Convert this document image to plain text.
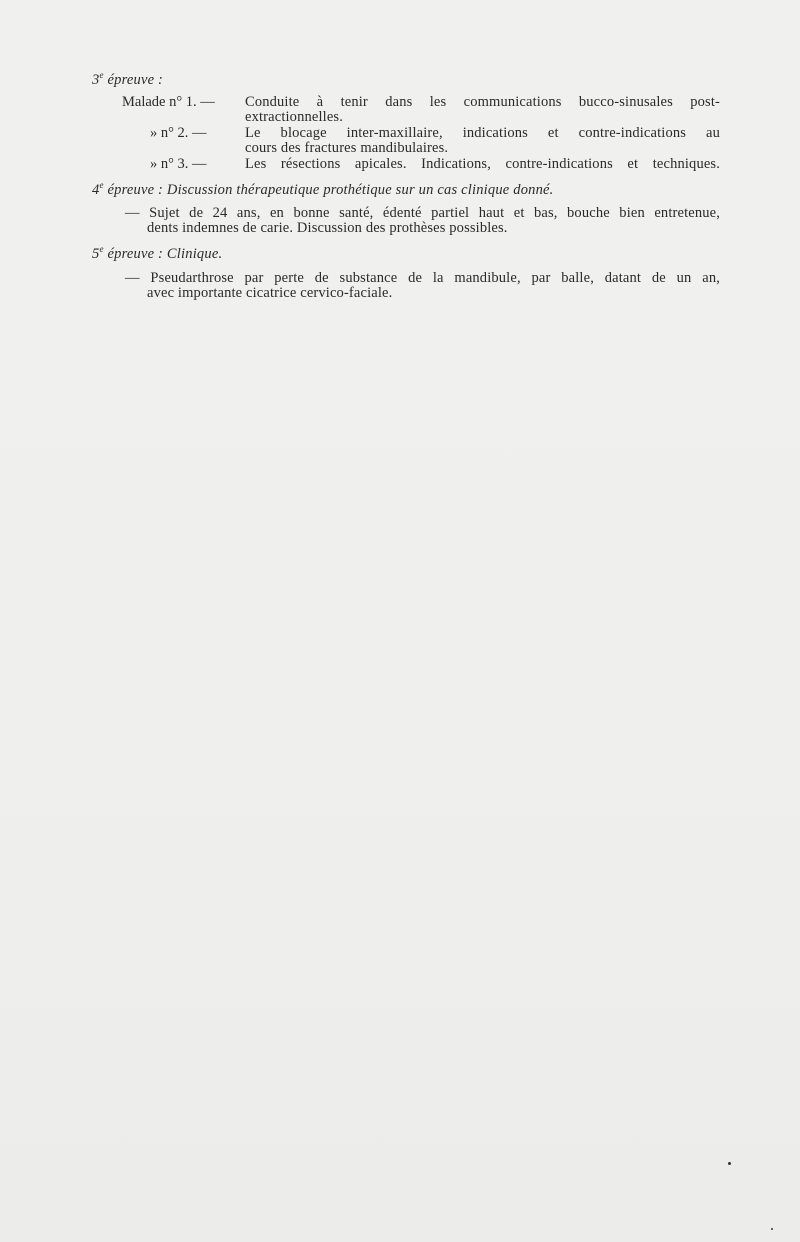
3e épreuve :
Malade n° 1. — Conduite à tenir dans les communications bucco-sinusales post-
extractionnelles.
» n° 2. —	Le blocage inter-maxillaire, indications et contre-indications au
cours des fractures mandibulaires.
» n° 3. —	Les résections apicales. Indications, contre-indications et techniques.
4e épreuve : Discussion thérapeutique prothétique sur un cas clinique donné.
— Sujet de 24 ans, en bonne santé, édenté partiel haut et bas, bouche bien entretenue,
dents indemnes de carie. Discussion des prothèses possibles.
5e épreuve : Clinique.
— Pseudarthrose par perte de substance de la mandibule, par balle, datant de un an,
avec importante cicatrice cervico-faciale.
